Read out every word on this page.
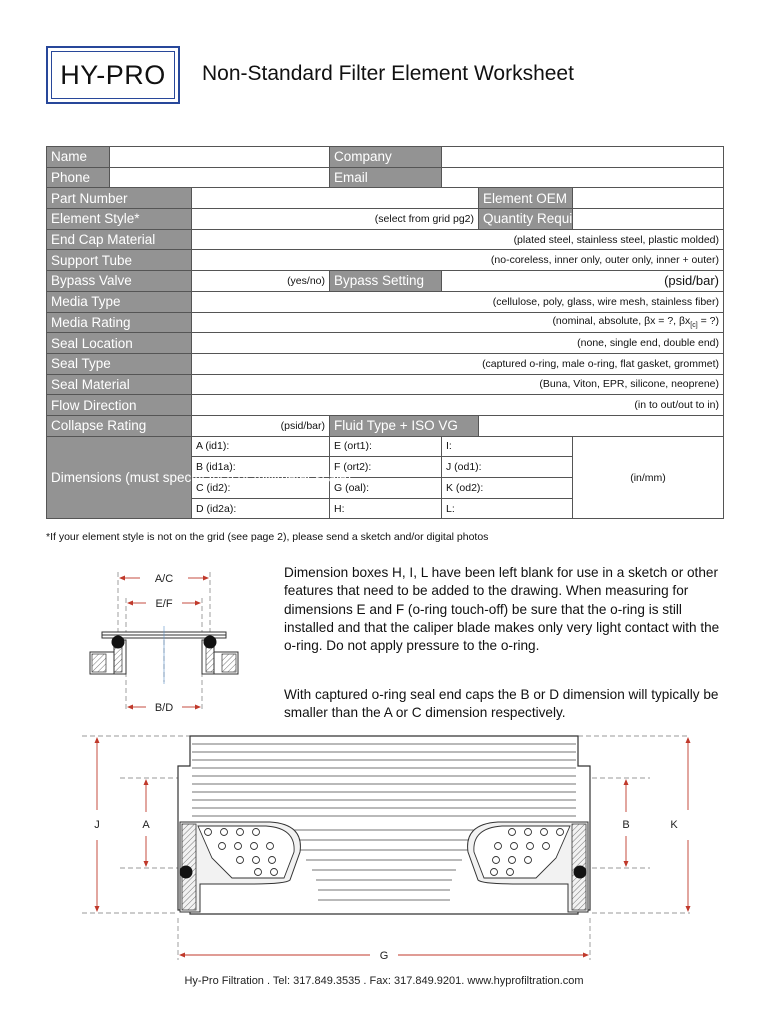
HY-PRO	Non-Standard Filter Element Worksheet
Name			Company			
Phone			Email			
Part Number					Element OEM	
Element Style*		(select from grid pg2)			Quantity Required	
End Cap Material		(plated steel, stainless steel, plastic molded)				
Support Tube		(no-coreless, inner only, outer only, inner + outer)				
Bypass Valve		(yes/no)	Bypass Setting	(psid/bar)		
Media Type		(cellulose, poly, glass, wire mesh, stainless fiber)				
Media Rating		(nominal, absolute, βx = ?, $\beta x_{[c]}$ = ?)				
Seal Location		(none, single end, double end)				
Seal Type		(captured o-ring, male o-ring, flat gasket, grommet)				
Seal Material		(Buna, Viton, EPR, silicone, neoprene)				
Flow Direction		(in to out/out to in)				
Collapse Rating		(psid/bar)	Fluid Type + ISO VG			
Dimensions (must specify Inch or millimeter scale)		A (id1):	E (ort1):	I:		(in/mm)
		B (id1a):	F (ort2):	J (od1):		
		C (id2):	G (oal):	K (od2):		
		D (id2a):	H:	L:		
*If your element style is not on the grid (see page 2), please send a sketch and/or digital photos
Dimension boxes H, I, L have been left blank for use in a sketch or other features that need to be added to the drawing. When measuring for dimensions E and F (o-ring touch-off) be sure that the o-ring is still installed and that the caliper blade makes only very light contact with the o-ring. Do not apply pressure to the o-ring.
With captured o-ring seal end caps the B or D dimension will typically be smaller than the A or C dimension respectively.
A/C
E/F
B/D
J	A	B	K
G
Hy-Pro Filtration . Tel: 317.849.3535 . Fax: 317.849.9201. www.hyprofiltration.com
